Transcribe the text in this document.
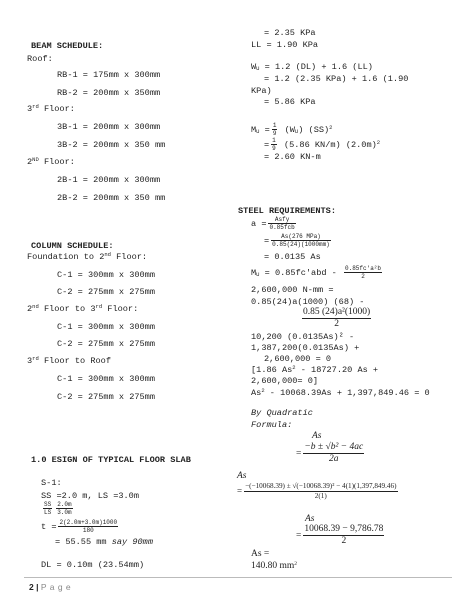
BEAM SCHEDULE:
Roof:
RB-1 = 175mm x 300mm
RB-2 = 200mm x 350mm
3rd Floor:
3B-1 = 200mm x 300mm
3B-2 = 200mm x 350 mm
2ND Floor:
2B-1 = 200mm x 300mm
2B-2 = 200mm x 350 mm
COLUMN SCHEDULE:
Foundation to 2nd Floor:
C-1 = 300mm x 300mm
C-2 = 275mm x 275mm
2nd Floor to 3rd Floor:
C-1 = 300mm x 300mm
C-2 = 275mm x 275mm
3rd Floor to Roof
C-1 = 300mm x 300mm
C-2 = 275mm x 275mm
1.0 ESIGN OF TYPICAL FLOOR SLAB
S-1:
SS =2.0 m, LS =3.0m
$\frac{SS}{LS} \frac{2.0m}{3.0m}$
$t = \frac{2(2.0m+3.0m)1000}{180}$
= 55.55 mm say 90mm
DL = 0.10m (23.54mm)
= 2.35 KPa
LL = 1.90 KPa
$W_U = 1.2$ (DL) + 1.6 (LL)
= 1.2 (2.35 KPa) + 1.6 (1.90
KPa)
= 5.86 KPa
$M_U = \frac{1}{9} (W_U)$ (SS)$^2$
= $\frac{1}{9} (5.86$ KN/m) $(2.0m)^2$
= 2.60 KN-m
STEEL REQUIREMENTS:
$a = \frac{\text{Asfy}}{\text{0.85fcb}}$
= $\frac{\text{As(276 MPa)}}{0.85(24)(1000mm)}$
= 0.0135 As
$M_U = 0.85fc'abd - \frac{\text{0.85fc'a²b}}{2}$
2,600,000 N-mm =
0.85(24)a(1000) (68) -
$\frac{\text{0.85 (24)a²(1000)}}{2}$
10,200 (0.0135As)² -
1,387,200(0.0135As) +
2,600,000 = 0
[1.86 As$^2$ - 18727.20 As +
2,600,000= 0]
As$^2$ - 10068.39As + 1,397,849.46 = 0
By Quadratic
Formula:
As
= $\frac{\text{−b ± √b² − 4ac}}{2a}$
As
= $\frac{\text{−(−10068.39) ± √(−10068.39)² − 4(1)(1,397,849.46)}}{2(1)}$
As
= $\frac{10068.39 - 9,786.78}{2}$
As =
140.80 $mm^2$
2 | P a g e
